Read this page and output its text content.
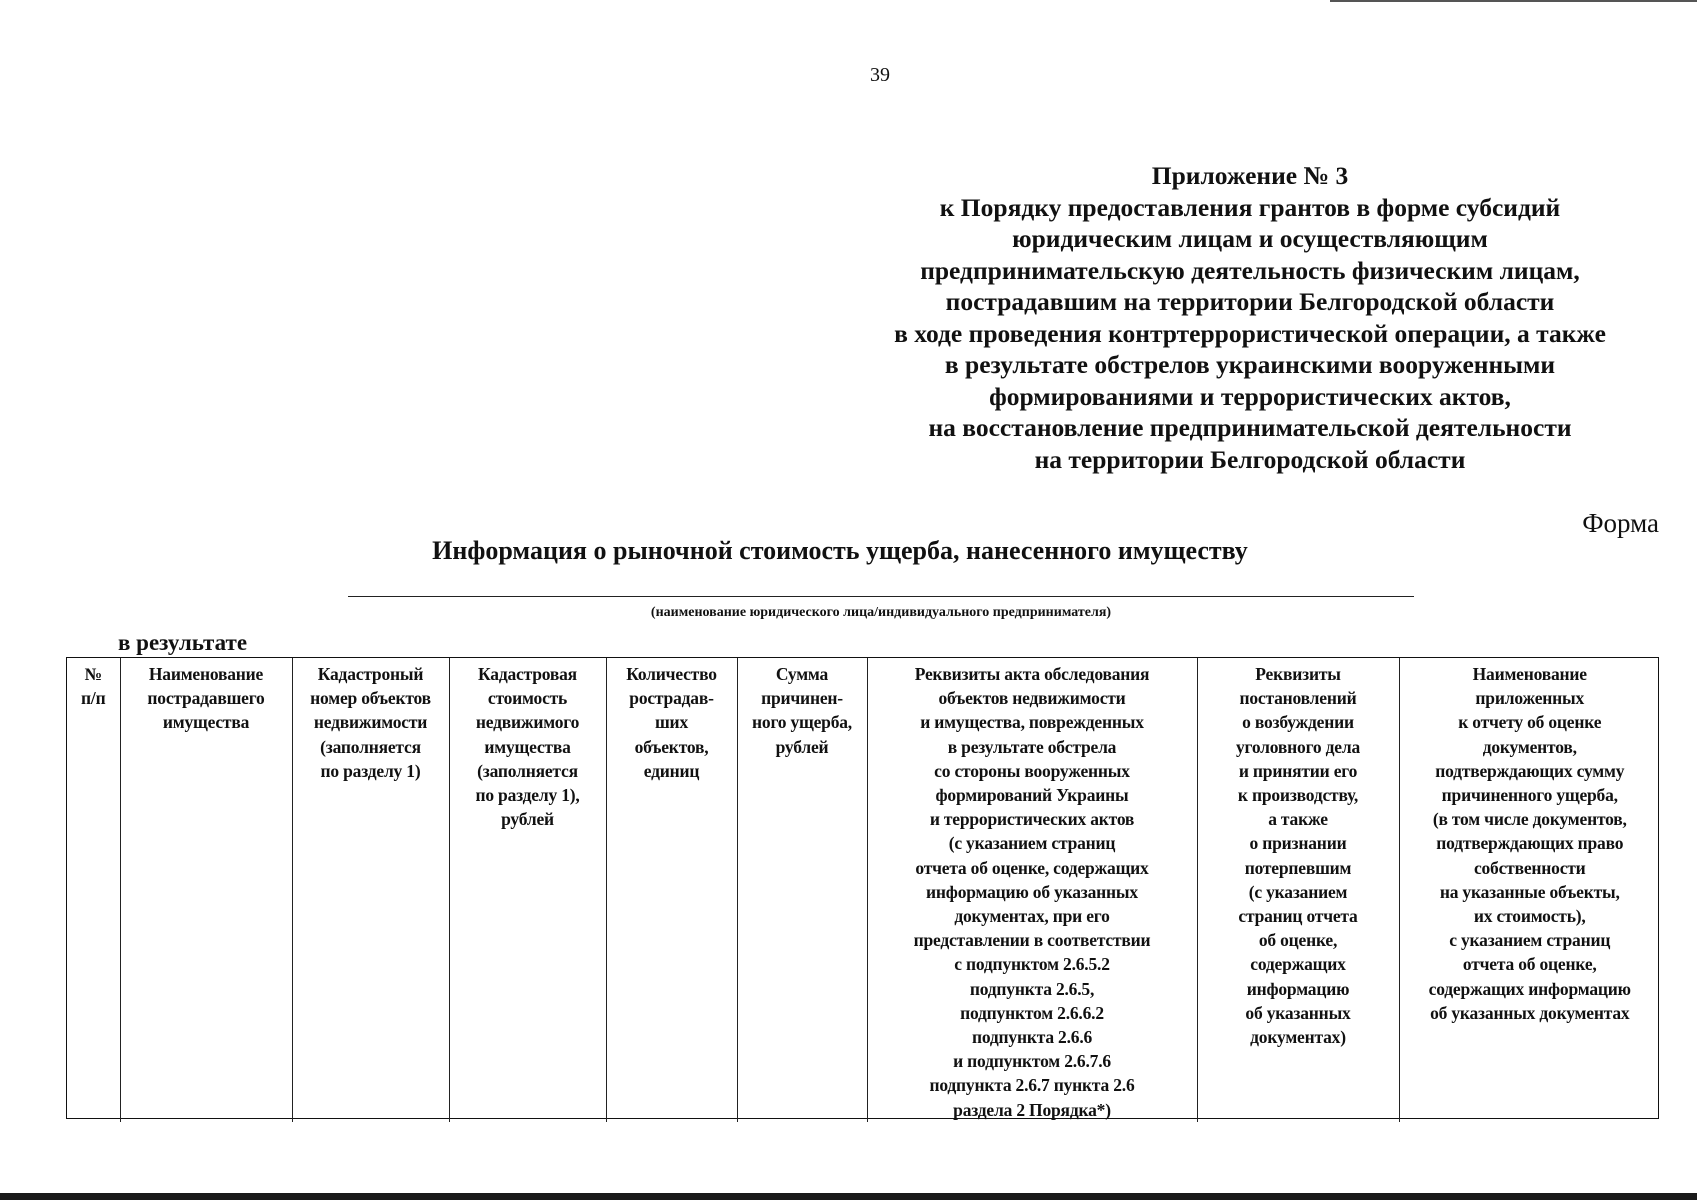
39
Приложение № 3
к Порядку предоставления грантов в форме субсидий
юридическим лицам и осуществляющим
предпринимательскую деятельность физическим лицам,
пострадавшим на территории Белгородской области
в ходе проведения контртеррористической операции, а также
в результате обстрелов украинскими вооруженными
формированиями и террористических актов,
на восстановление предпринимательской деятельности
на территории Белгородской области
Форма
Информация о рыночной стоимость ущерба, нанесенного имуществу
(наименование юридического лица/индивидуального предпринимателя)
в результате
№
п/п	Наименование
пострадавшего
имущества	Кадастроный
номер объектов
недвижимости
(заполняется
по разделу 1)	Кадастровая
стоимость
недвижимого
имущества
(заполняется
по разделу 1),
рублей	Количество
pострадав-
ших
объектов,
единиц	Сумма
причинен-
ного ущерба,
рублей	Реквизиты акта обследования
объектов недвижимости
и имущества, поврежденных
в результате обстрела
со стороны вооруженных
формирований Украины
и террористических актов
(с указанием страниц
отчета об оценке, содержащих
информацию об указанных
документах, при его
представлении в соответствии
с подпунктом 2.6.5.2
подпункта 2.6.5,
подпунктом 2.6.6.2
подпункта 2.6.6
и подпунктом 2.6.7.6
подпункта 2.6.7 пункта 2.6
раздела 2 Порядка*)	Реквизиты
постановлений
о возбуждении
уголовного дела
и принятии его
к производству,
а также
о признании
потерпевшим
(с указанием
страниц отчета
об оценке,
содержащих
информацию
об указанных
документах)	Наименование
приложенных
к отчету об оценке
документов,
подтверждающих сумму
причиненного ущерба,
(в том числе документов,
подтверждающих право
собственности
на указанные объекты,
их стоимость),
с указанием страниц
отчета об оценке,
содержащих информацию
об указанных документах
